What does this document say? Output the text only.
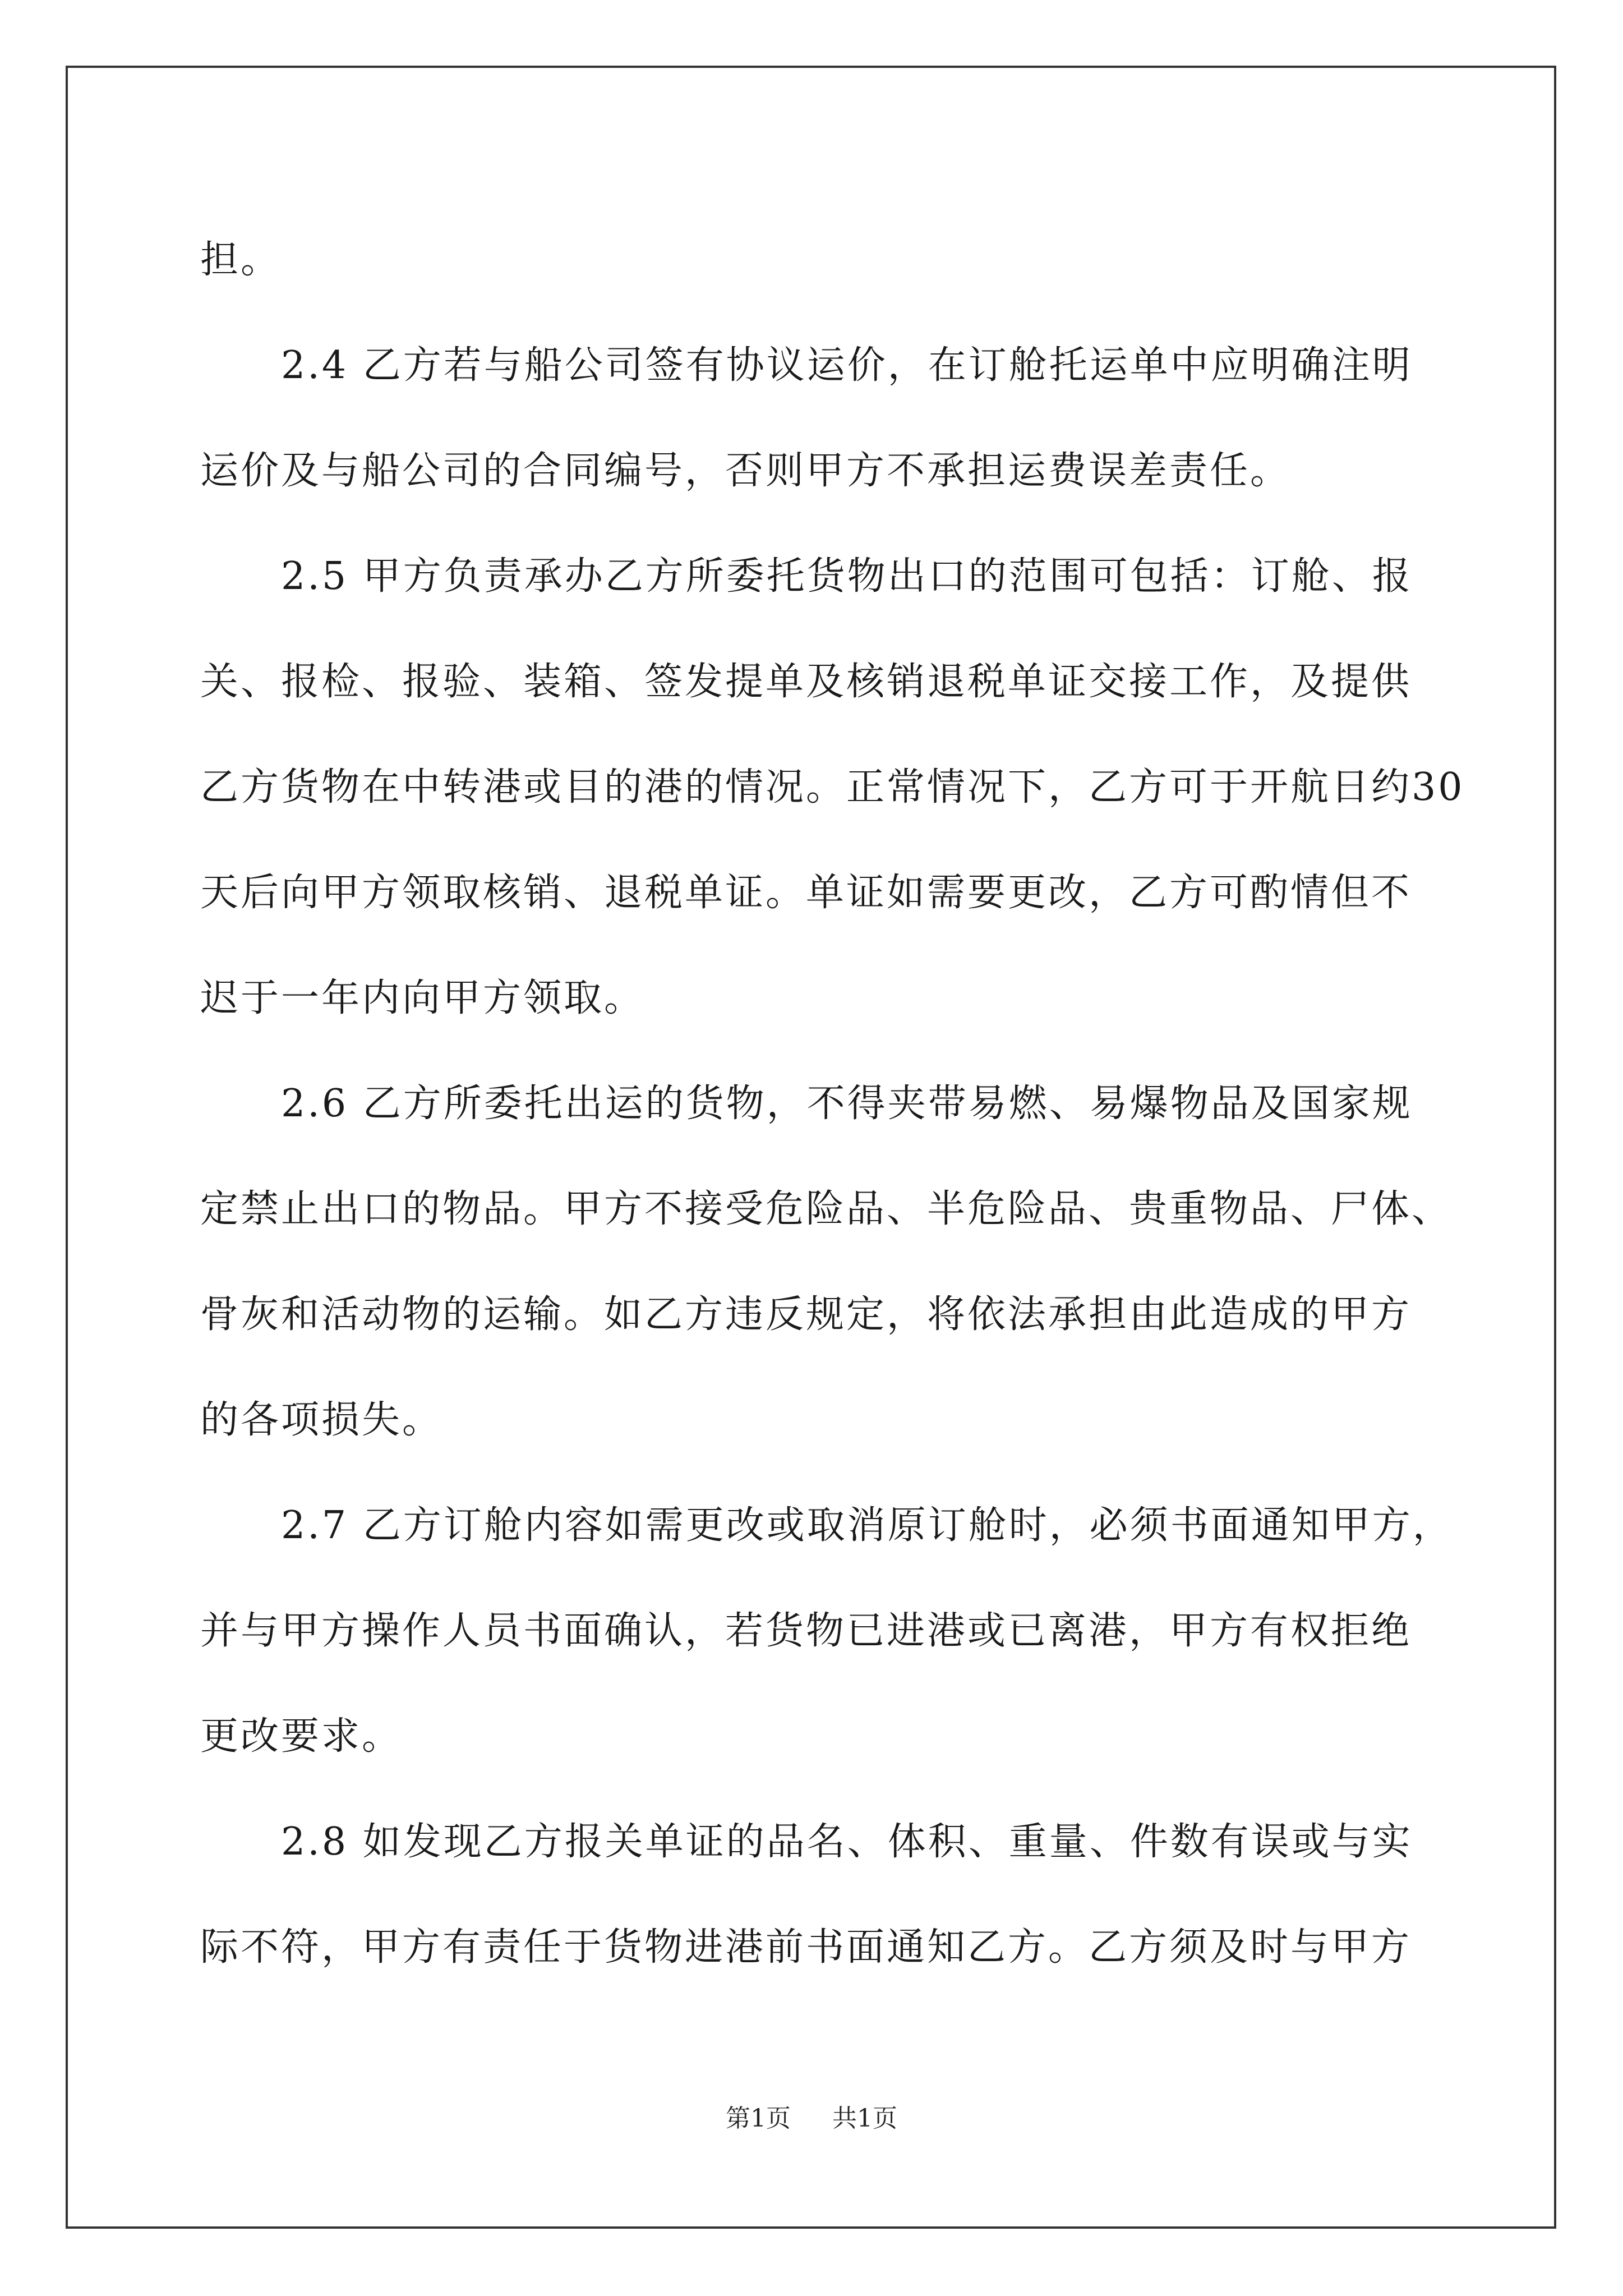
担。
　　2.4 乙方若与船公司签有协议运价，在订舱托运单中应明确注明
运价及与船公司的合同编号，否则甲方不承担运费误差责任。
　　2.5 甲方负责承办乙方所委托货物出口的范围可包括：订舱、报
关、报检、报验、装箱、签发提单及核销退税单证交接工作，及提供
乙方货物在中转港或目的港的情况。正常情况下，乙方可于开航日约30
天后向甲方领取核销、退税单证。单证如需要更改，乙方可酌情但不
迟于一年内向甲方领取。
　　2.6 乙方所委托出运的货物，不得夹带易燃、易爆物品及国家规
定禁止出口的物品。甲方不接受危险品、半危险品、贵重物品、尸体、
骨灰和活动物的运输。如乙方违反规定，将依法承担由此造成的甲方
的各项损失。
　　2.7 乙方订舱内容如需更改或取消原订舱时，必须书面通知甲方，
并与甲方操作人员书面确认，若货物已进港或已离港，甲方有权拒绝
更改要求。
　　2.8 如发现乙方报关单证的品名、体积、重量、件数有误或与实
际不符，甲方有责任于货物进港前书面通知乙方。乙方须及时与甲方
第1页 共1页
